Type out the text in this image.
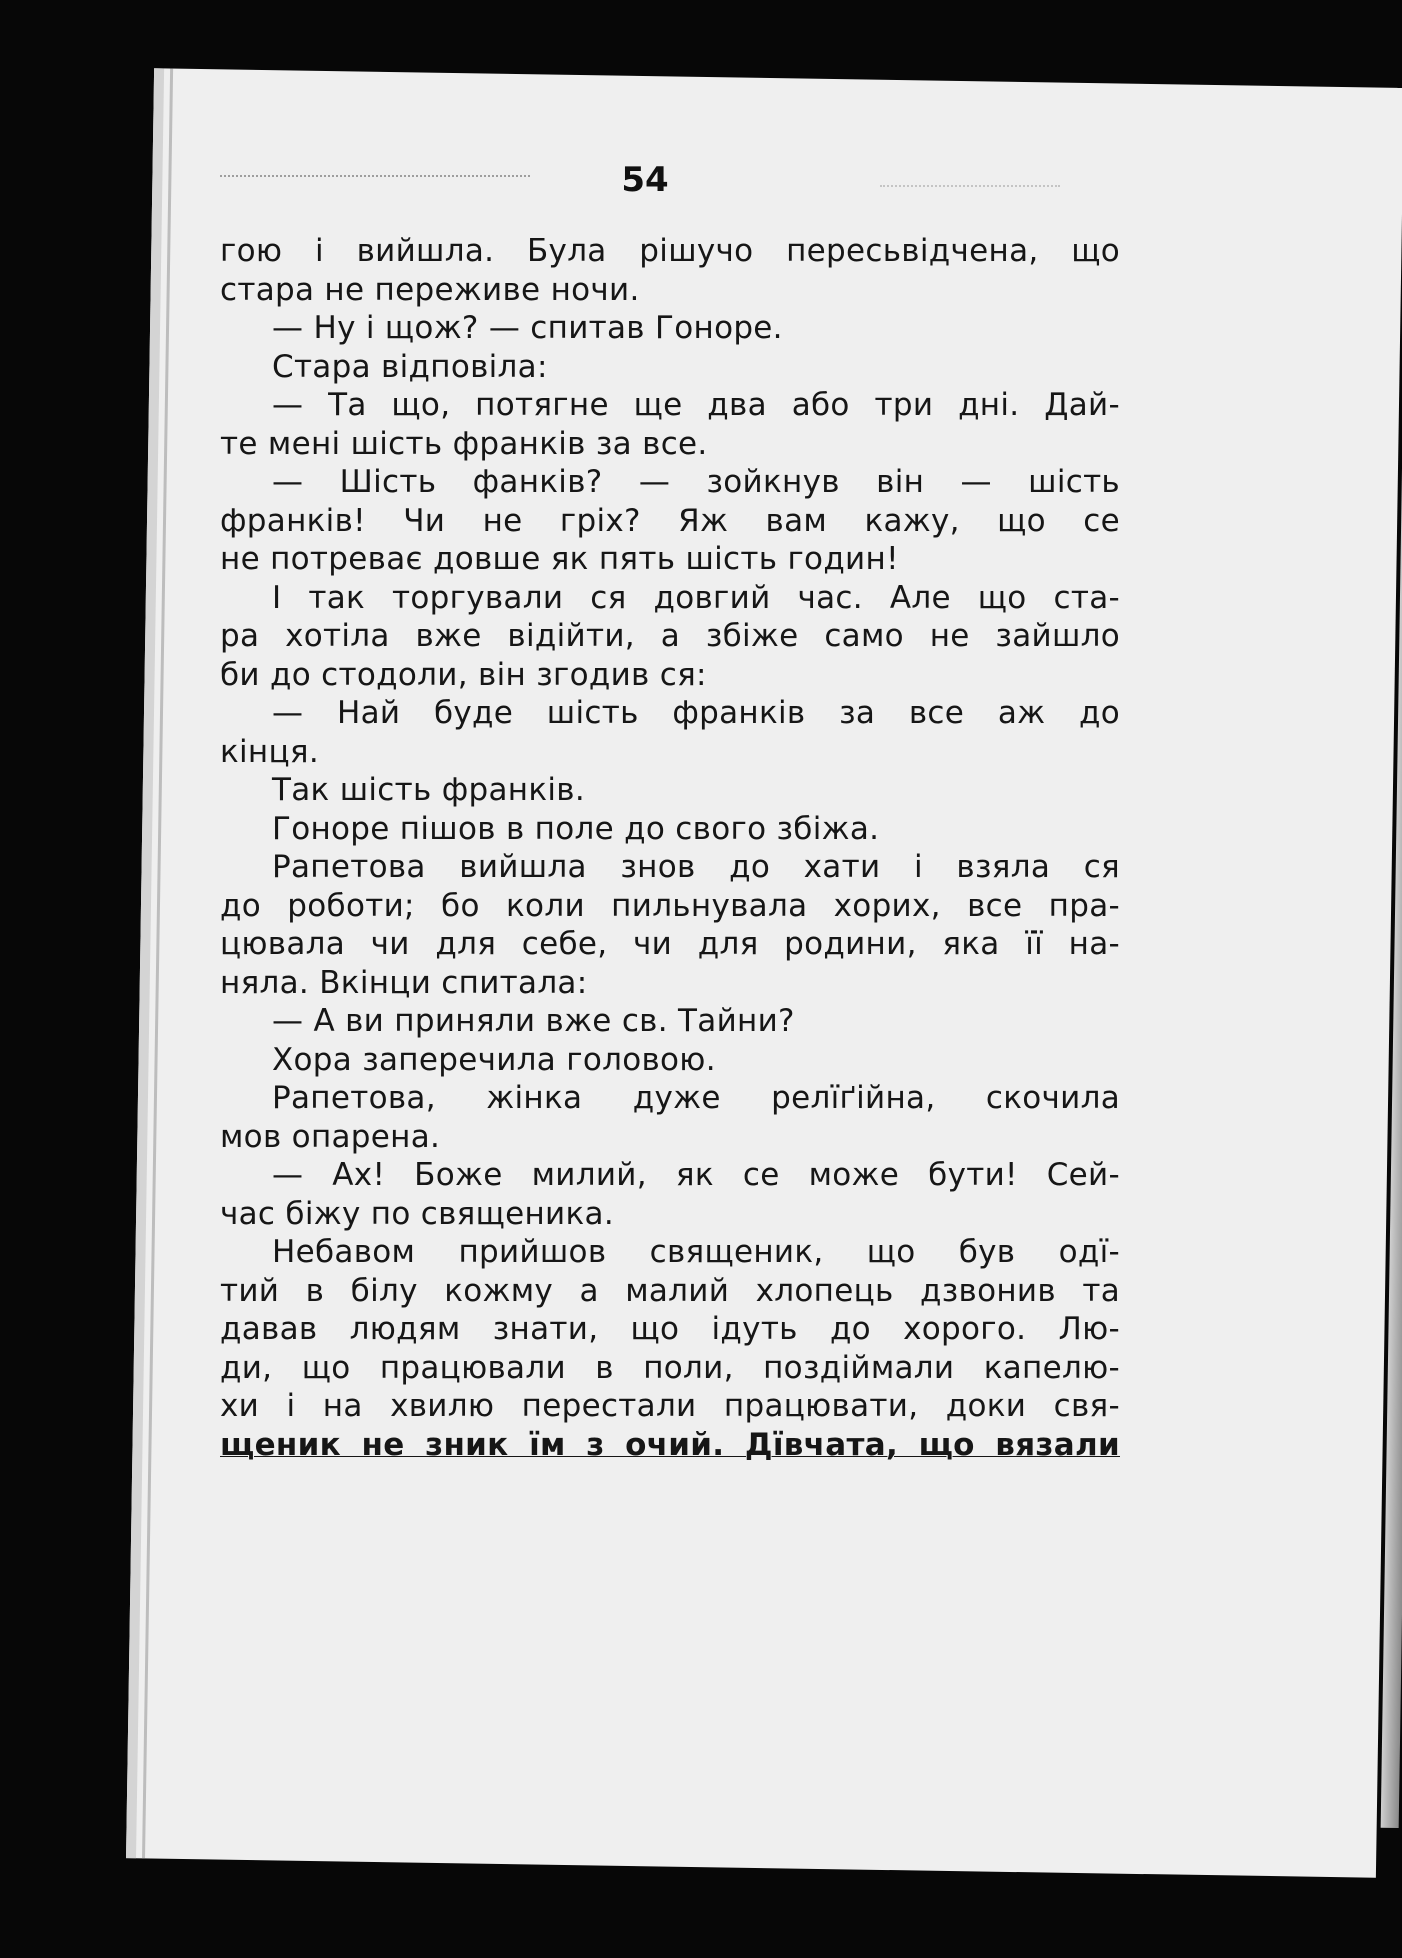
54
гою і вийшла. Була рішучо пересьвідчена, що
стара не переживе ночи.
— Ну і щож? — спитав Гоноре.
Стара відповіла:
— Та що, потягне ще два або три дні. Дай-
те мені шість франків за все.
— Шість фанків? — зойкнув він — шість
франків! Чи не гріх? Яж вам кажу, що се
не потреває довше як пять шість годин!
І так торгували ся довгий час. Але що ста-
ра хотіла вже відійти, а збіже само не зайшло
би до стодоли, він згодив ся:
— Най буде шість франків за все аж до
кінця.
Так шість франків.
Гоноре пішов в поле до свого збіжа.
Рапетова вийшла знов до хати і взяла ся
до роботи; бо коли пильнувала хорих, все пра-
цювала чи для себе, чи для родини, яка її на-
няла. Вкінци спитала:
— А ви приняли вже св. Тайни?
Хора заперечила головою.
Рапетова, жінка дуже релїґійна, скочила
мов опарена.
— Ах! Боже милий, як се може бути! Сей-
час біжу по священика.
Небавом прийшов священик, що був одї-
тий в білу кожму а малий хлопець дзвонив та
давав людям знати, що ідуть до хорого. Лю-
ди, що працювали в поли, поздіймали капелю-
хи і на хвилю перестали працювати, доки свя-
щеник не зник їм з очий. Дївчата, що вязали
